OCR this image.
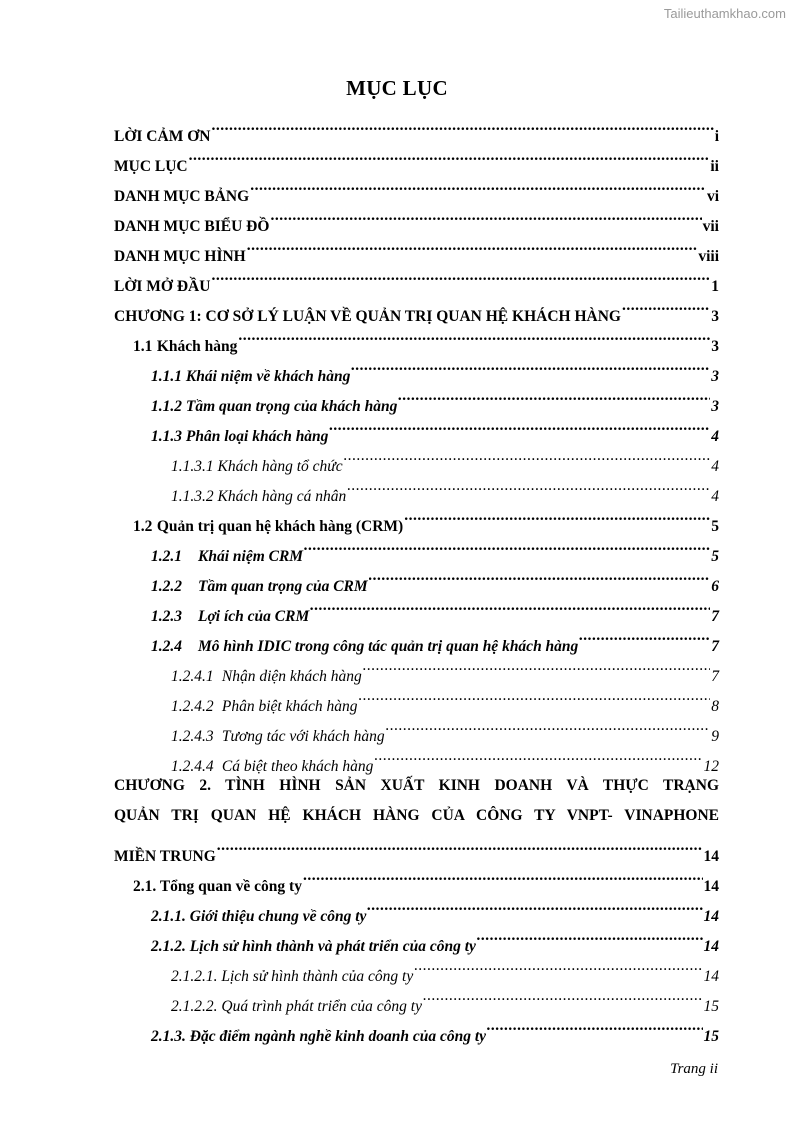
Tailieuthamkhao.com
MỤC LỤC
LỜI CẢM ƠN .....	i
MỤC LỤC .....	ii
DANH MỤC BẢNG .....	vi
DANH MỤC BIỂU ĐỒ .....	vii
DANH MỤC HÌNH .....	viii
LỜI MỞ ĐẦU .....	1
CHƯƠNG 1: CƠ SỞ LÝ LUẬN VỀ QUẢN TRỊ QUAN HỆ KHÁCH HÀNG .....	3
1.1 Khách hàng .....	3
1.1.1 Khái niệm về khách hàng .....	3
1.1.2 Tầm quan trọng của khách hàng .....	3
1.1.3 Phân loại khách hàng .....	4
1.1.3.1 Khách hàng tổ chức .....	4
1.1.3.2 Khách hàng cá nhân .....	4
1.2 Quản trị quan hệ khách hàng (CRM) .....	5
1.2.1 Khái niệm CRM .....	5
1.2.2 Tầm quan trọng của CRM .....	6
1.2.3 Lợi ích của CRM .....	7
1.2.4 Mô hình IDIC trong công tác quản trị quan hệ khách hàng .....	7
1.2.4.1 Nhận diện khách hàng .....	7
1.2.4.2 Phân biệt khách hàng .....	8
1.2.4.3 Tương tác với khách hàng .....	9
1.2.4.4 Cá biệt theo khách hàng .....	12
CHƯƠNG 2. TÌNH HÌNH SẢN XUẤT KINH DOANH VÀ THỰC TRẠNG
QUẢN TRỊ QUAN HỆ KHÁCH HÀNG CỦA CÔNG TY VNPT- VINAPHONE
MIỀN TRUNG .....	14
2.1. Tổng quan về công ty .....	14
2.1.1. Giới thiệu chung về công ty .....	14
2.1.2. Lịch sử hình thành và phát triển của công ty .....	14
2.1.2.1. Lịch sử hình thành của công ty .....	14
2.1.2.2. Quá trình phát triển của công ty .....	15
2.1.3. Đặc điểm ngành nghề kinh doanh của công ty .....	15
Trang ii
